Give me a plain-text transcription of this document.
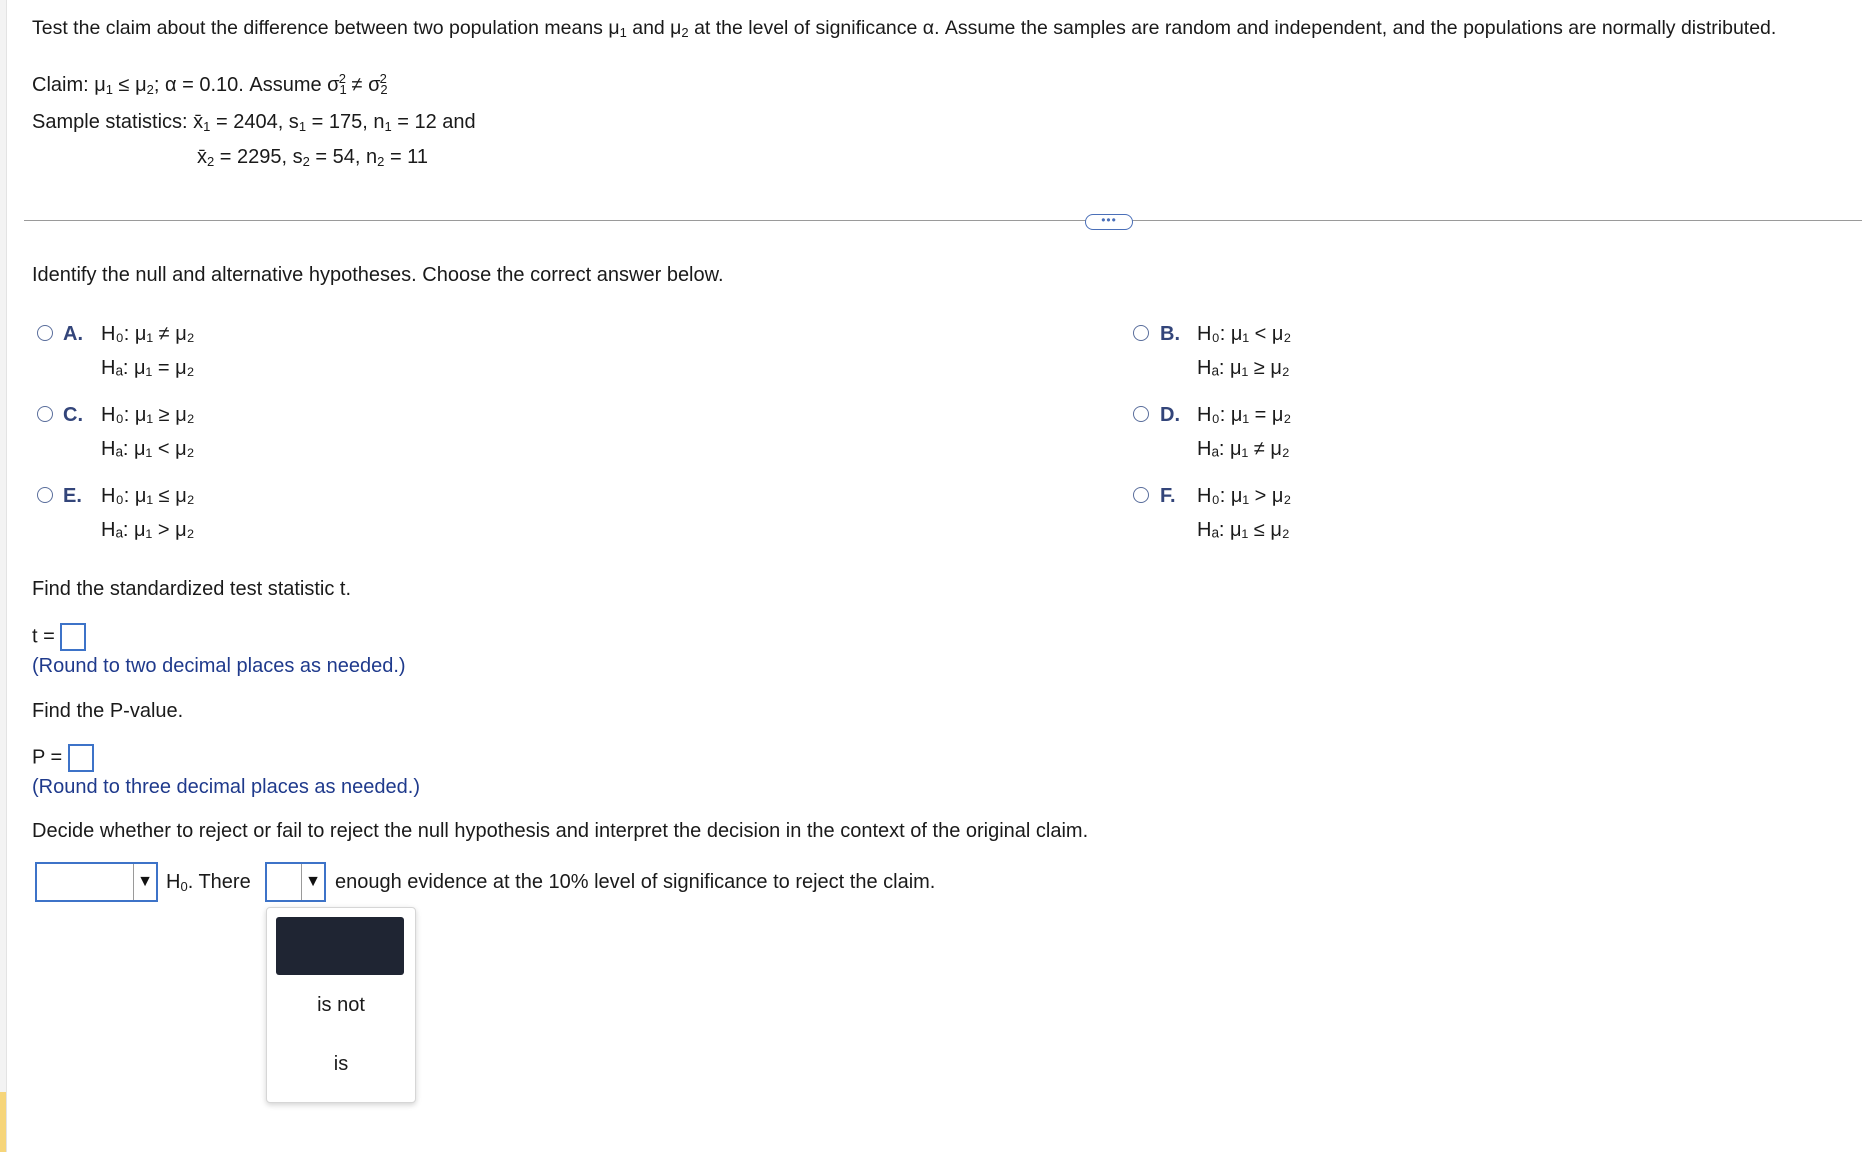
Test the claim about the difference between two population means $\mu_1$ and $\mu_2$ at the level of significance α. Assume the samples are random and independent, and the populations are normally distributed.
Claim: $\mu_1 \le \mu_2$; α = 0.10. Assume $\sigma_1^2 \ne \sigma_2^2$
Sample statistics: $x̄_1 = 2404$, $s_1 = 175$, $n_1 = 12$ and
$x̄_2 = 2295$, $s_2 = 54$, $n_2 = 11$
•••
Identify the null and alternative hypotheses. Choose the correct answer below.
A. H₀: μ₁ ≠ μ₂
Hₐ: μ₁ = μ₂
B. H₀: μ₁ < μ₂
Hₐ: μ₁ ≥ μ₂
C. H₀: μ₁ ≥ μ₂
Hₐ: μ₁ < μ₂
D. H₀: μ₁ = μ₂
Hₐ: μ₁ ≠ μ₂
E. H₀: μ₁ ≤ μ₂
Hₐ: μ₁ > μ₂
F. H₀: μ₁ > μ₂
Hₐ: μ₁ ≤ μ₂
Find the standardized test statistic t.
t =
(Round to two decimal places as needed.)
Find the P-value.
P =
(Round to three decimal places as needed.)
Decide whether to reject or fail to reject the null hypothesis and interpret the decision in the context of the original claim.
▼ $H_0$. There	▼ enough evidence at the 10% level of significance to reject the claim.
is not
is
